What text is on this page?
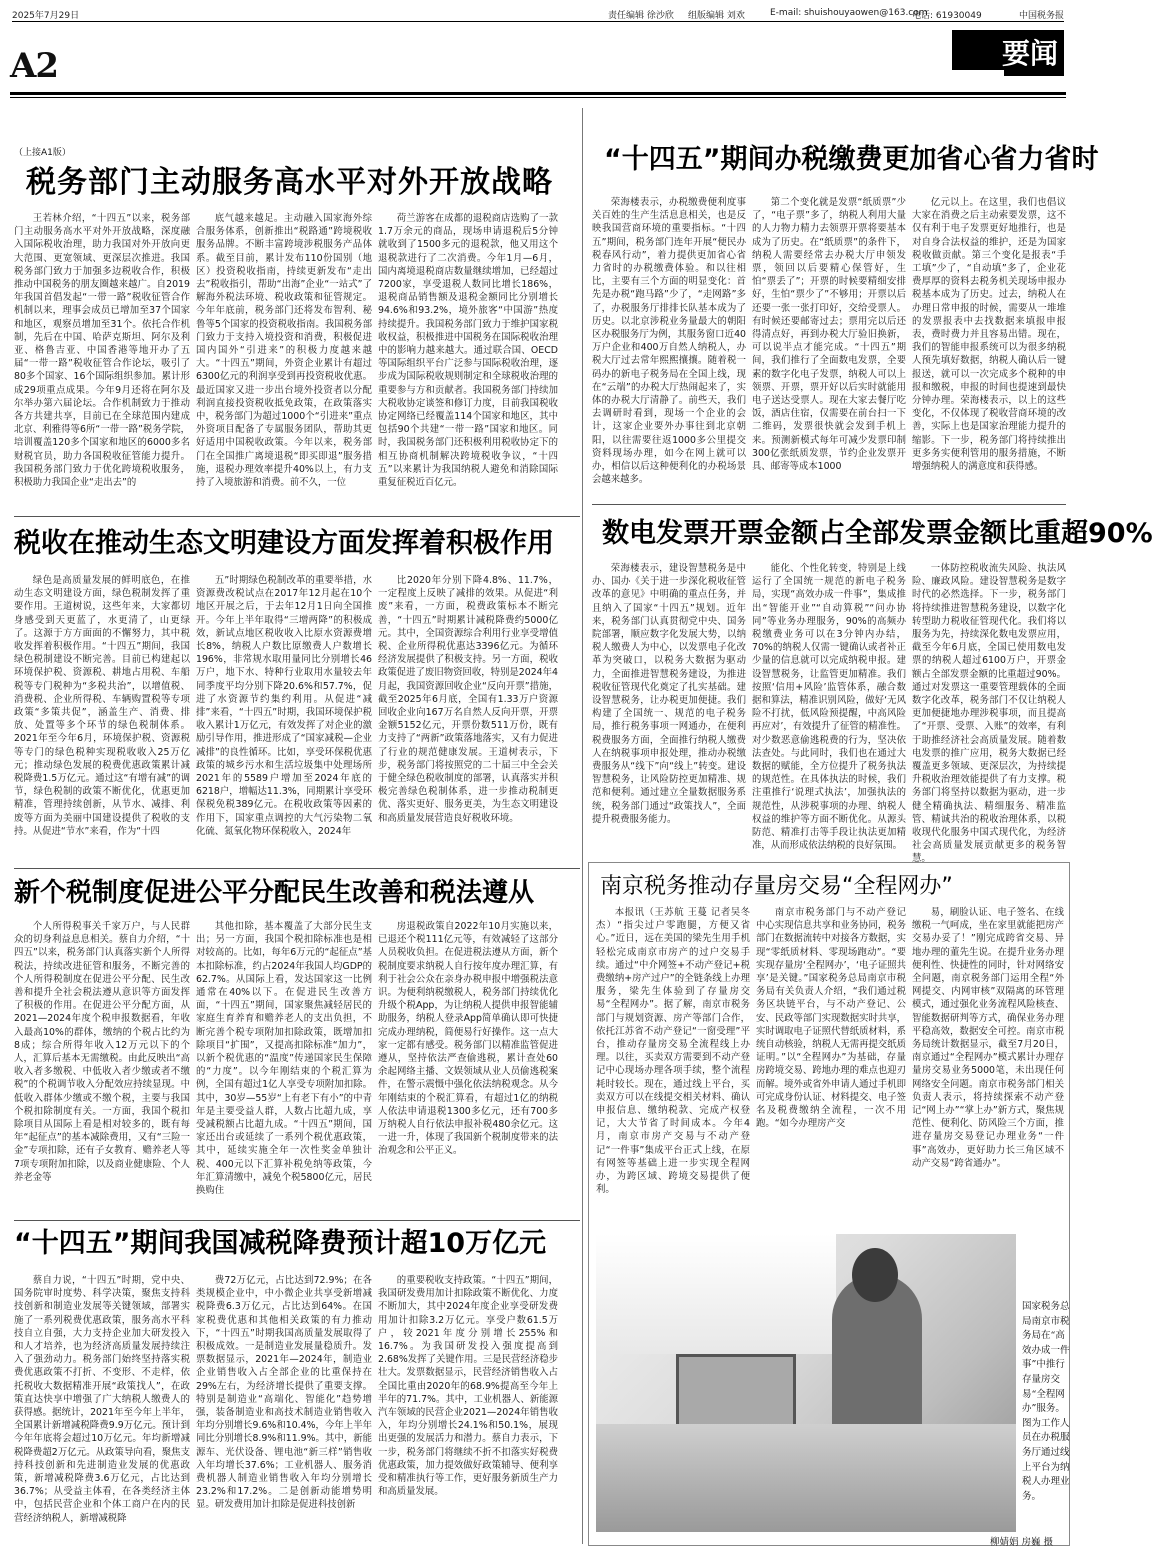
2025年7月29日	责任编辑 徐沙欣 组版编辑 刘欢	E-mail: shuishouyaowen@163.com
电话: 61930049	中国税务报
A2	要闻
（上接A1版）
税务部门主动服务高水平对外开放战略

王若林介绍，“十四五”以来，税务部门主动服务高水平对外开放战略，深度融入国际税收治理，助力我国对外开放向更大范围、更宽领域、更深层次推进。我国税务部门致力于加强多边税收合作，积极推动中国税务的朋友圈越来越广。自2019年我国首倡发起“一带一路”税收征管合作机制以来，理事会成员已增加至37个国家和地区，观察员增加至31个。依托合作机制，先后在中国、哈萨克斯坦、阿尔及利亚、格鲁吉亚、中国香港等地开办了五届“一带一路”税收征管合作论坛，吸引了80多个国家、16个国际组织参加。累计形成29项重点成果。今年9月还将在阿尔及尔举办第六届论坛。合作机制致力于推动各方共建共享，目前已在全球范围内建成北京、利雅得等6所“一带一路”税务学院，培训覆盖120多个国家和地区的6000多名财税官员，助力各国税收征管能力提升。我国税务部门致力于优化跨境税收服务，积极助力我国企业“走出去”的

底气越来越足。主动融入国家海外综合服务体系，创新推出“税路通”跨境税收服务品牌。不断丰富跨境涉税服务产品体系。截至目前，累计发布110份国别（地区）投资税收指南，持续更新发布“走出去”税收指引，帮助“出海”企业“一站式”了解海外税法环境、税收政策和征管规定。今年年底前，税务部门还将发布智利、秘鲁等5个国家的投资税收指南。我国税务部门致力于支持入境投资和消费，积极促进国内国外“引进来”的积极力度越来越大。“十四五”期间，外资企业累计有超过6300亿元的利润享受到再投资税收优惠。最近国家又进一步出台境外投资者以分配利润直接投资税收抵免政策，在政策落实中，税务部门为超过1000个“引进来”重点外资项目配备了专属服务团队，帮助其更好适用中国税收政策。今年以来，税务部门在全国推广离境退税“即买即退”服务措施，退税办理效率提升40%以上，有力支持了入境旅游和消费。前不久，一位

荷兰游客在成都的退税商店选购了一款1.7万余元的商品，现场申请退税后5分钟就收到了1500多元的退税款，他又用这个退税款进行了二次消费。今年1月—6月，国内离境退税商店数量继续增加，已经超过7200家，享受退税人数同比增长186%，退税商品销售额及退税金额同比分别增长94.6%和93.2%，境外旅客“中国游”热度持续提升。我国税务部门致力于维护国家税收权益，积极推进中国税务在国际税收治理中的影响力越来越大。通过联合国、OECD等国际组织平台广泛参与国际税收治理，逐步成为国际税收规则制定和全球税收治理的重要参与方和贡献者。我国税务部门持续加大税收协定谈签和修订力度，目前我国税收协定网络已经覆盖114个国家和地区，其中包括90个共建“一带一路”国家和地区。同时，我国税务部门还积极利用税收协定下的相互协商机制解决跨境税收争议，“十四五”以来累计为我国纳税人避免和消除国际重复征税近百亿元。

税收在推动生态文明建设方面发挥着积极作用

绿色是高质量发展的鲜明底色，在推动生态文明建设方面，绿色税制发挥了重要作用。王道树说，这些年来，大家都切身感受到天更蓝了，水更清了，山更绿了。这源于方方面面的不懈努力，其中税收发挥着积极作用。“十四五”期间，我国绿色税制建设不断完善。目前已构建起以环境保护税、资源税、耕地占用税、车船税等专门税种为“多税共治”，以增值税、消费税、企业所得税、车辆购置税等专项政策“多策共促”，涵盖生产、消费、排放、处置等多个环节的绿色税制体系。2021年至今年6月，环境保护税、资源税等专门的绿色税种实现税收收入25万亿元；推动绿色发展的税费优惠政策累计减税降费1.5万亿元。通过这“有增有减”的调节，绿色税制的政策不断优化，优惠更加精准，管理持续创新，从节水、减排、利废等方面为美丽中国建设提供了税收的支持。从促进“节水”来看，作为“十四

五”时期绿色税制改革的重要举措，水资源费改税试点在2017年12月起在10个地区开展之后，于去年12月1日向全国推开。今年上半年取得“三增两降”的积极成效，新试点地区税收收入比原水资源费增长8%，纳税人户数比原缴费人户数增长196%，非常规水取用量同比分别增长46万户，地下水、特种行业取用水量较去年同季度平均分别下降20.6%和57.7%，促进了水资源节约集约利用。从促进“减排”来看，“十四五”时期，我国环境保护税收入累计1万亿元，有效发挥了对企业的激励引导作用，推进形成了“国家减税—企业减排”的良性循环。比如，享受环保税优惠政策的城乡污水和生活垃圾集中处理场所2021年的5589户增加至2024年底的6218户，增幅达11.3%，同期累计享受环保税免税389亿元。在税收政策等因素的作用下，国家重点调控的大气污染物二氧化硫、氮氧化物环保税收入，2024年

比2020年分别下降4.8%、11.7%，一定程度上反映了减排的效果。从促进“利废”来看，一方面，税费政策标本不断完善，“十四五”时期累计减税降费约5000亿元。其中，全国资源综合利用行业享受增值税、企业所得税优惠达3396亿元。为循环经济发展提供了积极支持。另一方面，税收政策促进了废旧物资回收，特别是2024年4月起，我国资源回收企业“反向开票”措施，截至2025年6月底，全国有1.33万户资源回收企业向167万名自然人反向开票，开票金额5152亿元，开票份数511万份，既有力支持了“两新”政策落地落实，又有力促进了行业的规范健康发展。王道树表示，下步，税务部门将按照党的二十届三中全会关于健全绿色税收制度的部署，认真落实并积极完善绿色税制体系，进一步推动税制更优、落实更好、服务更美，为生态文明建设和高质量发展营造良好税收环境。

新个税制度促进公平分配民生改善和税法遵从

个人所得税事关千家万户，与人民群众的切身利益息息相关。蔡自力介绍，“十四五”以来，税务部门认真落实新个人所得税法，持续改进征管和服务，不断完善的个人所得税制度在促进公平分配、民生改善和提升全社会税法遵从意识等方面发挥了积极的作用。在促进公平分配方面，从2021—2024年度个税申报数据看，年收入最高10%的群体，缴纳的个税占比约为8成；综合所得年收入12万元以下的个人，汇算后基本无需缴税。由此反映出“高收入者多缴税、中低收入者少缴或者不缴税”的个税调节收入分配效应持续显现。中低收入群体少缴或不缴个税，主要与我国个税扣除制度有关。一方面，我国个税扣除项目从国际上看是相对较多的，既有每年“起征点”的基本减除费用，又有“三险一金”专项扣除，还有子女教育、赡养老人等7项专项附加扣除，以及商业健康险、个人养老金等

其他扣除，基本覆盖了大部分民生支出；另一方面，我国个税扣除标准也是相对较高的。比如，每年6万元的“起征点”基本扣除标准，约占2024年我国人均GDP的62.7%。从国际上看，发达国家这一比例通常在40%以下。在促进民生改善方面，“十四五”期间，国家聚焦减轻居民的家庭生育养育和赡养老人的支出负担，不断完善个税专项附加扣除政策，既增加扣除项目“扩围”，又提高扣除标准“加力”，以新个税优惠的“温度”传递国家民生保障的“力度”。以今年刚结束的个税汇算为例，全国有超过1亿人享受专项附加扣除。其中，30岁—55岁“上有老下有小”的中青年是主要受益人群，人数占比超九成，享受减税额占比超九成。“十四五”期间，国家还出台或延续了一系列个税优惠政策，其中，延续实施全年一次性奖金单独计税、400元以下汇算补税免纳等政策，今年汇算清缴中，减免个税5800亿元，居民换购住

房退税政策自2022年10月实施以来，已退还个税111亿元等，有效减轻了这部分人员税收负担。在促进税法遵从方面，新个税制度要求纳税人自行按年度办理汇算，有利于社会公众在亲身办税申报中增强税法意识。为便利纳税缴税人，税务部门持续优化升级个税App，为让纳税人提供申报智能辅助服务，纳税人登录App简单确认即可快捷完成办理纳税，简便易行好操作。这一点大家一定都有感受。税务部门以精准监管促进遵从，坚持依法严查偷逃税，累计查处60余起网络主播、文娱领域从业人员偷逃税案件，在警示震慑中强化依法纳税观念。从今年刚结束的个税汇算看，有超过1亿的纳税人依法申请退税1300多亿元，还有700多万纳税人自行依法申报补税480余亿元。这一进一升，体现了我国新个税制度带来的法治观念和公平正义。

“十四五”期间我国减税降费预计超10万亿元

蔡自力说，“十四五”时期，党中央、国务院审时度势、科学决策，聚焦支持科技创新和制造业发展等关键领域，部署实施了一系列税费优惠政策，服务高水平科技自立自强，大力支持企业加大研发投入和人才培养，也为经济高质量发展持续注入了强劲动力。税务部门始终坚持落实税费优惠政策不打折、不变形、不走样，依托税收大数据精准开展“政策找人”，在政策直达快享中增强了广大纳税人缴费人的获得感。据统计，2021年至今年上半年，全国累计新增减税降费9.9万亿元。预计到今年年底将会超过10万亿元。年均新增减税降费超2万亿元。从政策导向看，聚焦支持科技创新和先进制造业发展的优惠政策，新增减税降费3.6万亿元，占比达到36.7%；从受益主体看，在各类经济主体中，包括民营企业和个体工商户在内的民营经济纳税人，新增减税降

费72万亿元，占比达到72.9%；在各类规模企业中，中小微企业共享受新增减税降费6.3万亿元，占比达到64%。在国家税费优惠和其他相关政策的有力推动下，“十四五”时期我国高质量发展取得了积极成效。一是制造业发展量稳质升。发票数据显示，2021年—2024年，制造业企业销售收入占全部企业的比重保持在29%左右，为经济增长提供了重要支撑。特别是制造业“高端化、智能化”趋势增强，装备制造业和高技术制造业销售收入年均分别增长9.6%和10.4%，今年上半年同比分别增长8.9%和11.9%。其中，新能源车、光伏设备、锂电池“新三样”销售收入年均增长37.6%；工业机器人、服务消费机器人制造业销售收入年均分别增长23.2%和17.2%。二是创新动能增势明显。研发费用加计扣除是促进科技创新

的重要税收支持政策。“十四五”期间，我国研发费用加计扣除政策不断优化、力度不断加大，其中2024年度企业享受研发费用加计扣除3.2万亿元。享受户数61.5万户，较2021年度分别增长255%和16.7%。为我国研发投入强度提高到2.68%发挥了关键作用。三是民营经济稳步壮大。发票数据显示，民营经济销售收入占全国比重由2020年的68.9%提高至今年上半年的71.7%。其中，工业机器人、新能源汽车领域的民营企业2021—2024年销售收入，年均分别增长24.1%和50.1%，展现出更强的发展活力和潜力。蔡自力表示，下一步，税务部门将继续不折不扣落实好税费优惠政策，加力提效做好政策辅导、便利享受和精准执行等工作，更好服务新质生产力和高质量发展。

“十四五”期间办税缴费更加省心省力省时

荣海楼表示，办税缴费便利度事关百姓的生产生活息息相关，也是反映我国营商环境的重要指标。“十四五”期间，税务部门连年开展“便民办税春风行动”，着力提供更加省心省力省时的办税缴费体验。和以往相比，主要有三个方面的明显变化：首先是办税“跑马路”少了，“走网路”多了，办税服务厅排排长队基本成为了历史。以北京涉税业务量最大的朝阳区办税服务厅为例，其服务窗口近40万户企业和400万自然人纳税人，办税大厅过去常年熙熙攘攘。随着税一码办的新电子税务局在全国上线，现在“云端”的办税大厅热闹起来了，实体的办税大厅清静了。前些天，我们去调研时看到，现场一个企业的会计，这家企业要外办事往到北京朝阳，以往需要往返1000多公里提交资料现场办理，如今在网上就可以办，相信以后这种便利化的办税场景会越来越多。

第二个变化就是发票“纸质票”少了，“电子票”多了，纳税人利用大量的人力物力精力去领票开票将要基本成为了历史。在“纸质票”的条件下，纳税人需要经常去办税大厅申领发票，领回以后要精心保管好，生怕“票丢了”；开票的时候要精细安排好，生怕“票少了”不够用；开票以后还要一张一张打印好，交给受票人。有时候还要邮寄过去；票用完以后还得清点好，再到办税大厅验旧换新，可以说半点才能完成。“十四五”期间，我们推行了全面数电发票，全要素的数字化电子发票，纳税人可以上领票、开票，票开好以后实时就能用电子送达受票人。现在大家去餐厅吃饭，酒店住宿，仅需要在前台扫一下二维码，发票很快就会发到手机上来。预测新模式每年可减少发票印制300亿张纸质发票，节约企业发票开具、邮寄等成本1000

亿元以上。在这里，我们也倡议大家在消费之后主动索要发票，这不仅有利于电子发票更好地推行，也是对自身合法权益的维护，还是为国家税收做贡献。第三个变化是报表“手工填”少了，“自动填”多了，企业花费厚厚的资料去税务机关现场申报办税基本成为了历史。过去，纳税人在办理日常申报的时候，需要从一堆堆的发票报表中去找数据来填报申报表，费时费力并且容易出错。现在，我们的智能申报系统可以为很多纳税人预先填好数据，纳税人确认后一键报送，就可以一次完成多个税种的申报和缴税，申报的时间也提速到最快分钟办理。荣海楼表示，以上的这些变化，不仅体现了税收营商环境的改善，实际上也是国家治理能力提升的缩影。下一步，税务部门将持续推出更多务实便利管用的服务措施，不断增强纳税人的满意度和获得感。

数电发票开票金额占全部发票金额比重超90%

荣海楼表示，建设智慧税务是中办、国办《关于进一步深化税收征管改革的意见》中明确的重点任务，并且纳入了国家“十四五”规划。近年来，税务部门认真贯彻党中央、国务院部署，顺应数字化发展大势，以纳税人缴费人为中心，以发票电子化改革为突破口，以税务大数据为驱动力，全面推进智慧税务建设，为推进税收征管现代化奠定了扎实基础。建设智慧税务，让办税更加便捷。我们构建了全国统一、规范的电子税务局，推行税务事项一网通办，在便利税费服务方面，全面推行纳税人缴费人在纳税事项申报处理，推动办税缴费服务从“线下”向“线上”转变。建设智慧税务，让风险防控更加精准、规范和便利。通过建立全量数据服务系统，税务部门通过“政策找人”，全面提升税费服务能力。

能化、个性化转变，特别是上线运行了全国统一规范的新电子税务局，实现“高效办成一件事”，集成推出“智能开业”“自动算税”“问办协同”等业务办理服务，90%的高频办税缴费业务可以在3分钟内办结，70%的纳税人仅需一键确认或者补正少量的信息就可以完成纳税申报。建设智慧税务，让监管更加精准。我们按照‘信用+风险’监管体系，融合数据和算法，精准识别风险，做好‘无风险不打扰，低风险预提醒，中高风险再应对’，有效提升了征管的精准性。对少数恶意偷逃税费的行为，坚决依法查处。与此同时，我们也在通过大数据的赋能，全方位提升了税务执法的规范性。在具体执法的时候，我们注重推行‘说理式执法’，加强执法的规范性，从涉税事项的办理、纳税人权益的维护等方面不断优化。从源头防范、精准打击等手段让执法更加精准，从而形成依法纳税的良好氛围。

一体防控税收流失风险、执法风险、廉政风险。建设智慧税务是数字时代的必然选择。下一步，税务部门将持续推进智慧税务建设，以数字化转型助力税收征管现代化。我们将以服务为先，持续深化数电发票应用，截至今年6月底，全国已使用数电发票的纳税人超过6100万户，开票金额占全部发票金额的比重超过90%。通过对发票这一重要管理载体的全面数字化改革，税务部门不仅让纳税人更加便捷地办理涉税事项，而且提高了“开票、受票、入账”的效率，有利于助推经济社会高质量发展。随着数电发票的推广应用，税务大数据已经覆盖更多领域、更深层次，为持续提升税收治理效能提供了有力支撑。税务部门将坚持以数据为驱动，进一步健全精确执法、精细服务、精准监管、精诚共治的税收治理体系，以税收现代化服务中国式现代化，为经济社会高质量发展贡献更多的税务智慧。

南京税务推动存量房交易“全程网办”

本报讯（王苏航 王蔓 记者吴冬杰）“指尖过户零跑腿，方便又省心。”近日，远在美国的梁先生用手机轻松完成南京市房产的过户交易手续。通过“中介网签+不动产登记+税费缴纳+房产过户”的全链条线上办理服务，梁先生体验到了存量房交易“全程网办”。据了解，南京市税务部门与规划资源、房产等部门合作，依托江苏省不动产登记“一窗受理”平台，推动存量房交易全流程线上办理。以往，买卖双方需要到不动产登记中心现场办理各项手续，整个流程耗时较长。现在，通过线上平台，买卖双方可以在线提交相关材料、确认申报信息、缴纳税款、完成产权登记，大大节省了时间成本。今年4月，南京市房产交易与不动产登记“一件事”集成平台正式上线，在原有网签等基础上进一步实现全程网办，为跨区域、跨境交易提供了便利。

南京市税务部门与不动产登记中心实现信息共享和业务协同，税务部门在数据流转中对接各方数据，实现“零纸质材料、零现场跑动”。“要实现存量房‘全程网办’，‘电子证照共享’是关键。”国家税务总局南京市税务局有关负责人介绍，“我们通过税务区块链平台，与不动产登记、公安、民政等部门实现数据实时共享，实时调取电子证照代替纸质材料，系统自动核验，纳税人无需再提交纸质证明。”以“全程网办”为基础，存量房跨境交易、跨地办理的难点也迎刃而解。境外或省外申请人通过手机即可完成身份认证、材料提交、电子签名及税费缴纳全流程，一次不用跑。“如今办理房产交

易，刷脸认证、电子签名、在线缴税一气呵成，坐在家里就能把房产交易办妥了！”刚完成跨省交易、异地办理的董先生说。在提升业务办理便利性、快捷性的同时，针对网络安全问题，南京税务部门运用全程“外网提交、内网审核”双隔离的环管理模式，通过强化业务流程风险核查、智能数据研判等方式，确保业务办理平稳高效，数据安全可控。南京市税务局统计数据显示，截至7月20日，南京通过“全程网办”模式累计办理存量房交易业务5000笔，未出现任何网络安全问题。南京市税务部门相关负责人表示，将持续探索不动产登记“网上办”“掌上办”新方式，聚焦规范性、便利化、防风险三个方面，推进存量房交易登记办理业务“一件事”高效办，更好助力长三角区域不动产交易“跨省通办”。

国家税务总局南京市税务局在“高效办成一件事”中推行存量房交易“全程网办”服务。图为工作人员在办税服务厅通过线上平台为纳税人办理业务。
柳婧娟 房巍 摄
